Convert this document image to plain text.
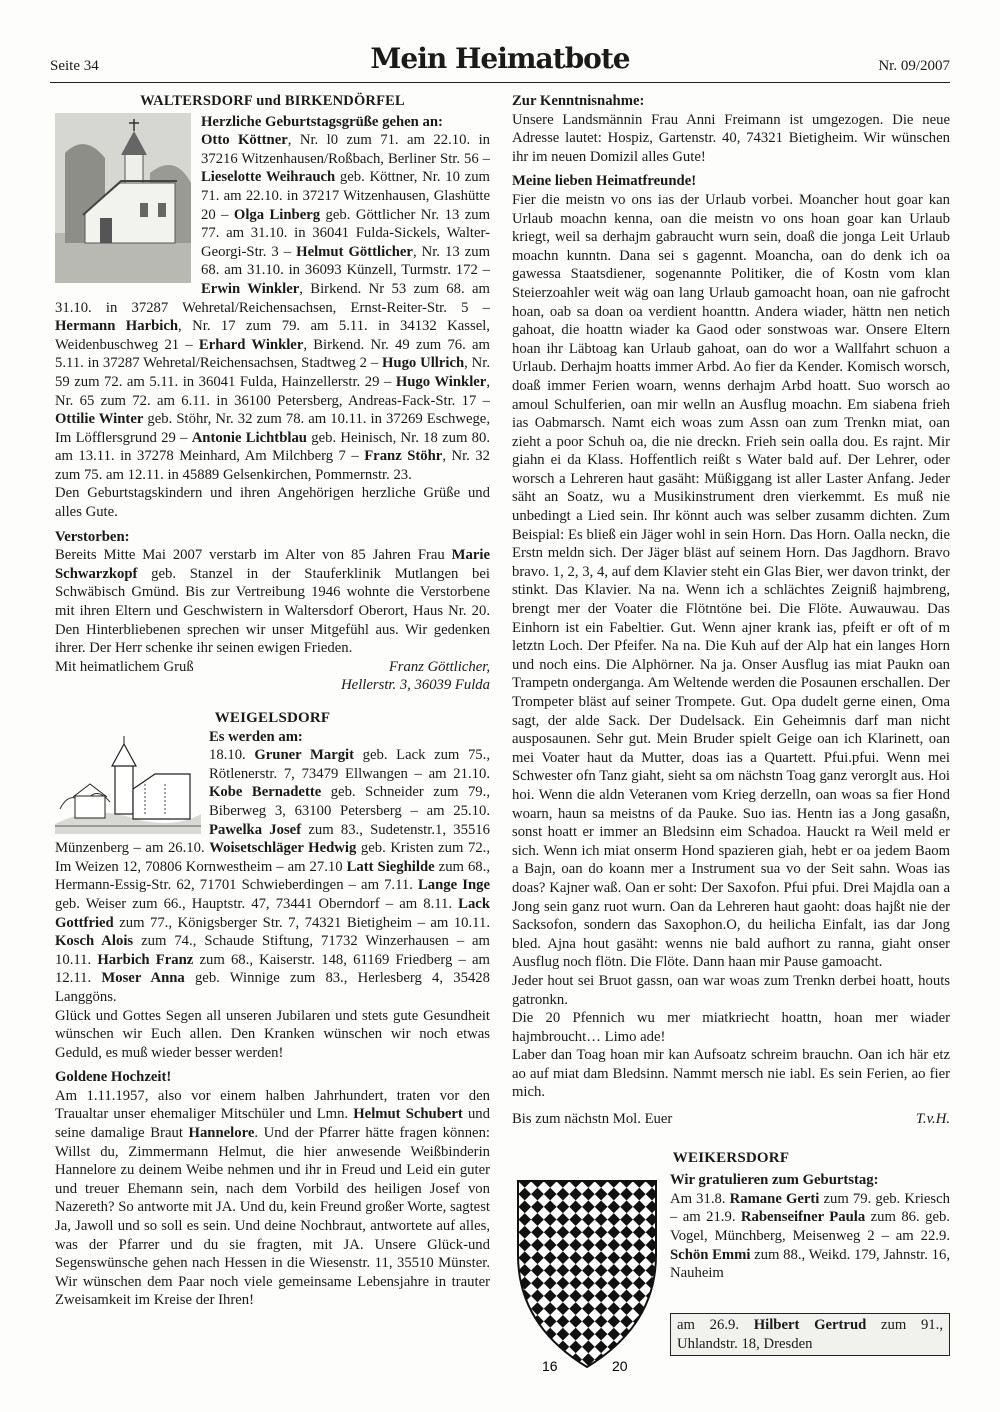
Seite 34	Mein Heimatbote	Nr. 09/2007

WALTERSDORF und BIRKENDÖRFEL

Herzliche Geburtstagsgrüße gehen an:

Otto Köttner, Nr. l0 zum 71. am 22.10. in 37216 Witzenhausen/Roßbach, Berliner Str. 56 – Lieselotte Weihrauch geb. Köttner, Nr. 10 zum 71. am 22.10. in 37217 Witzenhausen, Glashütte 20 – Olga Linberg geb. Göttlicher Nr. 13 zum 77. am 31.10. in 36041 Fulda-Sickels, Walter-Georgi-Str. 3 – Helmut Göttlicher, Nr. 13 zum 68. am 31.10. in 36093 Künzell, Turmstr. 172 – Erwin Winkler, Birkend. Nr 53 zum 68. am 31.10. in 37287 Wehretal/Reichensachsen, Ernst-Reiter-Str. 5 – Hermann Harbich, Nr. 17 zum 79. am 5.11. in 34132 Kassel, Weidenbuschweg 21 – Erhard Winkler, Birkend. Nr. 49 zum 76. am 5.11. in 37287 Wehretal/Reichensachsen, Stadtweg 2 – Hugo Ullrich, Nr. 59 zum 72. am 5.11. in 36041 Fulda, Hainzellerstr. 29 – Hugo Winkler, Nr. 65 zum 72. am 6.11. in 36100 Petersberg, Andreas-Fack-Str. 17 – Ottilie Winter geb. Stöhr, Nr. 32 zum 78. am 10.11. in 37269 Eschwege, Im Löfflersgrund 29 – Antonie Lichtblau geb. Heinisch, Nr. 18 zum 80. am 13.11. in 37278 Meinhard, Am Milchberg 7 – Franz Stöhr, Nr. 32 zum 75. am 12.11. in 45889 Gelsenkirchen, Pommernstr. 23.

Den Geburtstagskindern und ihren Angehörigen herzliche Grüße und alles Gute.

Verstorben:

Bereits Mitte Mai 2007 verstarb im Alter von 85 Jahren Frau Marie Schwarzkopf geb. Stanzel in der Stauferklinik Mutlangen bei Schwäbisch Gmünd. Bis zur Vertreibung 1946 wohnte die Verstorbene mit ihren Eltern und Geschwistern in Waltersdorf Oberort, Haus Nr. 20. Den Hinterbliebenen sprechen wir unser Mitgefühl aus. Wir gedenken ihrer. Der Herr schenke ihr seinen ewigen Frieden.

Mit heimatlichem Gruß	Franz Göttlicher,

Hellerstr. 3, 36039 Fulda

WEIGELSDORF

Es werden am:

18.10. Gruner Margit geb. Lack zum 75., Rötlenerstr. 7, 73479 Ellwangen – am 21.10. Kobe Bernadette geb. Schneider zum 79., Biberweg 3, 63100 Petersberg – am 25.10. Pawelka Josef zum 83., Sudetenstr.1, 35516 Münzenberg – am 26.10. Woisetschläger Hedwig geb. Kristen zum 72., Im Weizen 12, 70806 Kornwestheim – am 27.10 Latt Sieghilde zum 68., Hermann-Essig-Str. 62, 71701 Schwieberdingen – am 7.11. Lange Inge geb. Weiser zum 66., Hauptstr. 47, 73441 Oberndorf – am 8.11. Lack Gottfried zum 77., Königsberger Str. 7, 74321 Bietigheim – am 10.11. Kosch Alois zum 74., Schaude Stiftung, 71732 Winzerhausen – am 10.11. Harbich Franz zum 68., Kaiserstr. 148, 61169 Friedberg – am 12.11. Moser Anna geb. Winnige zum 83., Herlesberg 4, 35428 Langgöns.

Glück und Gottes Segen all unseren Jubilaren und stets gute Gesundheit wünschen wir Euch allen. Den Kranken wünschen wir noch etwas Geduld, es muß wieder besser werden!

Goldene Hochzeit!

Am 1.11.1957, also vor einem halben Jahrhundert, traten vor den Traualtar unser ehemaliger Mitschüler und Lmn. Helmut Schubert und seine damalige Braut Hannelore. Und der Pfarrer hätte fragen können: Willst du, Zimmermann Helmut, die hier anwesende Weißbinderin Hannelore zu deinem Weibe nehmen und ihr in Freud und Leid ein guter und treuer Ehemann sein, nach dem Vorbild des heiligen Josef von Nazereth? So antworte mit JA. Und du, kein Freund großer Worte, sagtest Ja, Jawoll und so soll es sein. Und deine Nochbraut, antwortete auf alles, was der Pfarrer und du sie fragten, mit JA. Unsere Glück-und Segenswünsche gehen nach Hessen in die Wiesenstr. 11, 35510 Münster. Wir wünschen dem Paar noch viele gemeinsame Lebensjahre in trauter Zweisamkeit im Kreise der Ihren!

Zur Kenntnisnahme:

Unsere Landsmännin Frau Anni Freimann ist umgezogen. Die neue Adresse lautet: Hospiz, Gartenstr. 40, 74321 Bietigheim. Wir wünschen ihr im neuen Domizil alles Gute!

Meine lieben Heimatfreunde!

Fier die meistn vo ons ias der Urlaub vorbei. Moancher hout goar kan Urlaub moachn kenna, oan die meistn vo ons hoan goar kan Urlaub kriegt, weil sa derhajm gabraucht wurn sein, doaß die jonga Leit Urlaub moachn kunntn. Dana sei s gagennt. Moancha, oan do denk ich oa gawessa Staatsdiener, sogenannte Politiker, die of Kostn vom klan Steierzoahler weit wäg oan lang Urlaub gamoacht hoan, oan nie gafrocht hoan, oab sa doan oa verdient hoanttn. Andera wiader, hättn nen netich gahoat, die hoattn wiader ka Gaod oder sonstwoas war. Onsere Eltern hoan ihr Läbtoag kan Urlaub gahoat, oan do wor a Wallfahrt schuon a Urlaub. Derhajm hoatts immer Arbd. Ao fier da Kender. Komisch worsch, doaß immer Ferien woarn, wenns derhajm Arbd hoatt. Suo worsch ao amoul Schulferien, oan mir welln an Ausflug moachn. Em siabena frieh ias Oabmarsch. Namt eich woas zum Assn oan zum Trenkn miat, oan zieht a poor Schuh oa, die nie dreckn. Frieh sein oalla dou. Es rajnt. Mir giahn ei da Klass. Hoffentlich reißt s Water bald auf. Der Lehrer, oder worsch a Lehreren haut gasäht: Müßiggang ist aller Laster Anfang. Jeder säht an Soatz, wu a Musikinstrument dren vierkemmt. Es muß nie unbedingt a Lied sein. Ihr könnt auch was selber zusamm dichten. Zum Beispial: Es bließ ein Jäger wohl in sein Horn. Das Horn. Oalla neckn, die Erstn meldn sich. Der Jäger bläst auf seinem Horn. Das Jagdhorn. Bravo bravo. 1, 2, 3, 4, auf dem Klavier steht ein Glas Bier, wer davon trinkt, der stinkt. Das Klavier. Na na. Wenn ich a schlächtes Zeigniß hajmbreng, brengt mer der Voater die Flötntöne bei. Die Flöte. Auwauwau. Das Einhorn ist ein Fabeltier. Gut. Wenn ajner krank ias, pfeift er oft of m letztn Loch. Der Pfeifer. Na na. Die Kuh auf der Alp hat ein langes Horn und noch eins. Die Alphörner. Na ja. Onser Ausflug ias miat Paukn oan Trampetn onderganga. Am Weltende werden die Posaunen erschallen. Der Trompeter bläst auf seiner Trompete. Gut. Opa dudelt gerne einen, Oma sagt, der alde Sack. Der Dudelsack. Ein Geheimnis darf man nicht ausposaunen. Sehr gut. Mein Bruder spielt Geige oan ich Klarinett, oan mei Voater haut da Mutter, doas ias a Quartett. Pfui.pfui. Wenn mei Schwester ofn Tanz giaht, sieht sa om nächstn Toag ganz verorglt aus. Hoi hoi. Wenn die aldn Veteranen vom Krieg derzelln, oan woas sa fier Hond woarn, haun sa meistns of da Pauke. Suo ias. Hentn ias a Jong gasaßn, sonst hoatt er immer an Bledsinn eim Schadoa. Hauckt ra Weil meld er sich. Wenn ich miat onserm Hond spazieren giah, hebt er oa jedem Baom a Bajn, oan do koann mer a Instrument sua vo der Seit sahn. Woas ias doas? Kajner waß. Oan er soht: Der Saxofon. Pfui pfui. Drei Majdla oan a Jong sein ganz ruot wurn. Oan da Lehreren haut gaoht: doas hajßt nie der Sacksofon, sondern das Saxophon.O, du heilicha Einfalt, ias dar Jong bled. Ajna hout gasäht: wenns nie bald aufhort zu ranna, giaht onser Ausflug noch flötn. Die Flöte. Dann haan mir Pause gamoacht.

Jeder hout sei Bruot gassn, oan war woas zum Trenkn derbei hoatt, houts gatronkn.

Die 20 Pfennich wu mer miatkriecht hoattn, hoan mer wiader hajmbroucht… Limo ade!

Laber dan Toag hoan mir kan Aufsoatz schreim brauchn. Oan ich här etz ao auf miat dam Bledsinn. Nammt mersch nie iabl. Es sein Ferien, ao fier mich.

Bis zum nächstn Mol. Euer	T.v.H.

WEIKERSDORF

16	20

Wir gratulieren zum Geburtstag:

Am 31.8. Ramane Gerti zum 79. geb. Kriesch – am 21.9. Rabenseifner Paula zum 86. geb. Vogel, Münchberg, Meisenweg 2 – am 22.9. Schön Emmi zum 88., Weikd. 179, Jahnstr. 16, Nauheim

am 26.9. Hilbert Gertrud zum 91., Uhlandstr. 18, Dresden
